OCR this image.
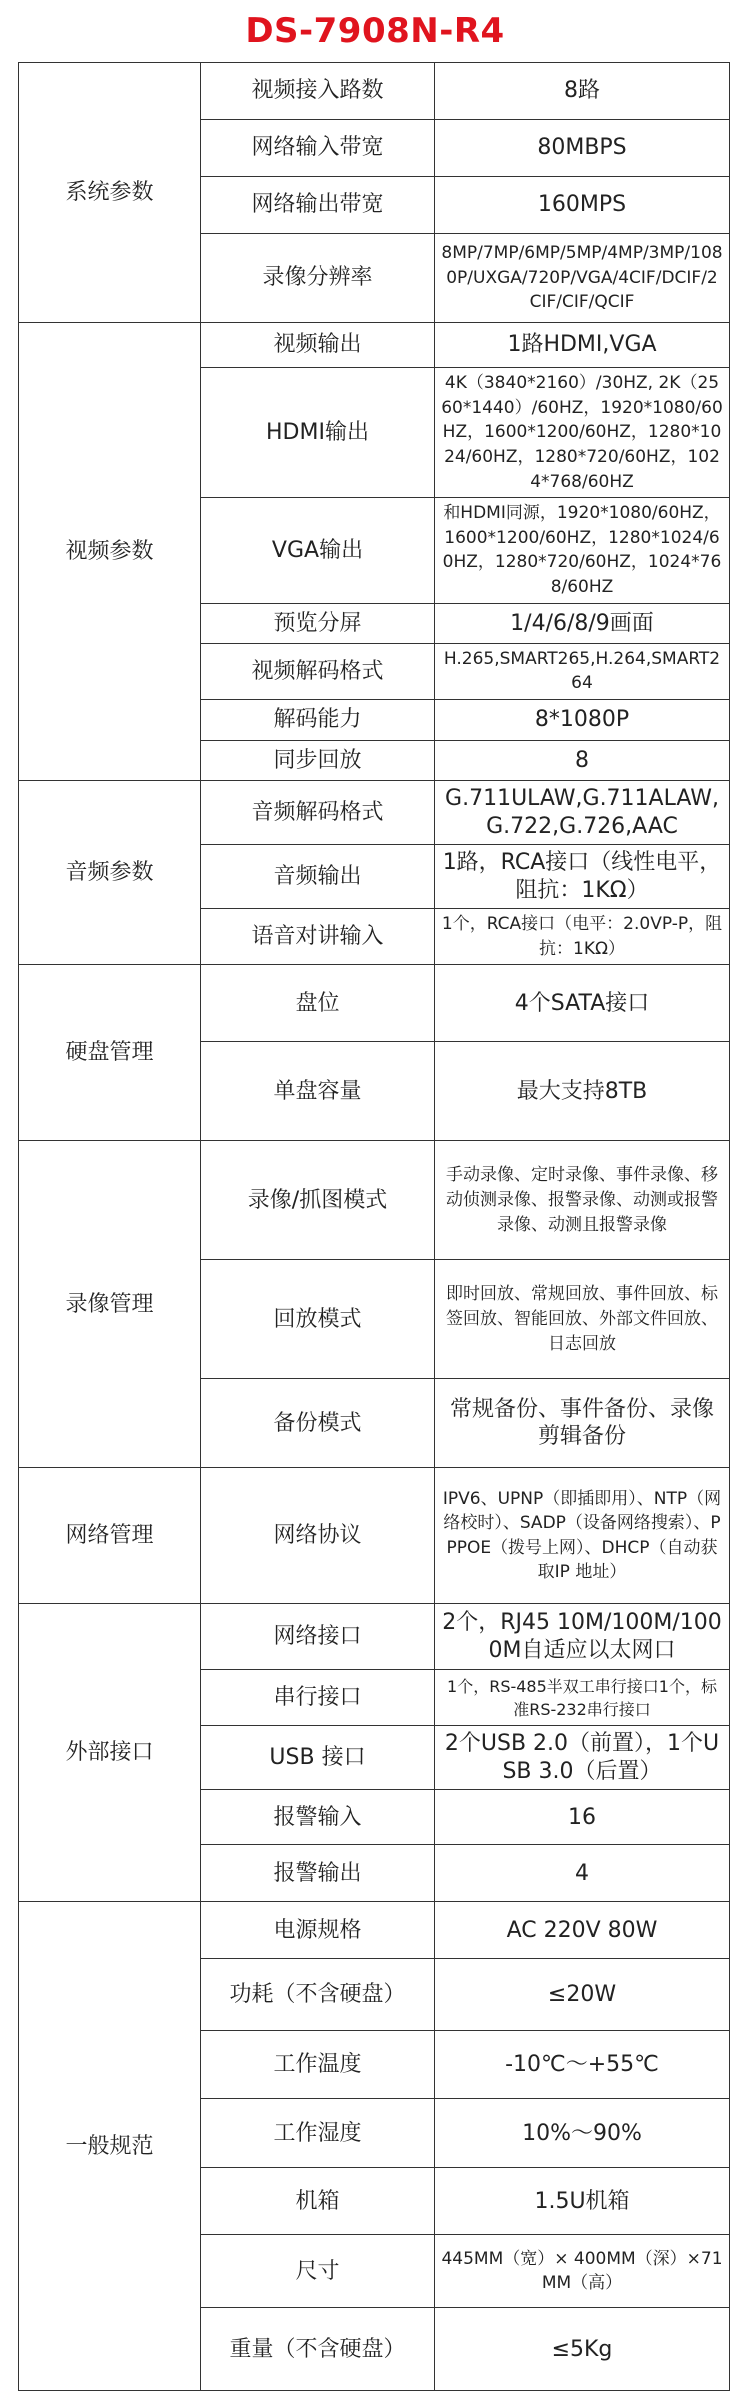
DS-7908N-R4
系统参数	视频接入路数	8路
	网络输入带宽	80MBPS
	网络输出带宽	160MPS
	录像分辨率	8MP/7MP/6MP/5MP/4MP/3MP/1080P/UXGA/720P/VGA/4CIF/DCIF/2CIF/CIF/QCIF
视频参数	视频输出	1路HDMI,VGA
	HDMI输出	4K（3840*2160）/30HZ, 2K（2560*1440）/60HZ，1920*1080/60HZ，1600*1200/60HZ，1280*1024/60HZ，1280*720/60HZ，1024*768/60HZ
	VGA输出	和HDMI同源，1920*1080/60HZ，1600*1200/60HZ，1280*1024/60HZ，1280*720/60HZ，1024*768/60HZ
	预览分屏	1/4/6/8/9画面
	视频解码格式	H.265,SMART265,H.264,SMART264
	解码能力	8*1080P
	同步回放	8
音频参数	音频解码格式	G.711ULAW,G.711ALAW,G.722,G.726,AAC
	音频输出	1路，RCA接口（线性电平，阻抗：1KΩ）
	语音对讲输入	1个，RCA接口（电平：2.0VP-P，阻抗：1KΩ）
硬盘管理	盘位	4个SATA接口
	单盘容量	最大支持8TB
录像管理	录像/抓图模式	手动录像、定时录像、事件录像、移动侦测录像、报警录像、动测或报警录像、动测且报警录像
	回放模式	即时回放、常规回放、事件回放、标签回放、智能回放、外部文件回放、日志回放
	备份模式	常规备份、事件备份、录像剪辑备份
网络管理	网络协议	IPV6、UPNP（即插即用）、NTP（网络校时）、SADP（设备网络搜索）、PPPOE（拨号上网）、DHCP（自动获取IP 地址）
外部接口	网络接口	2个，RJ45 10M/100M/1000M自适应以太网口
	串行接口	1个，RS-485半双工串行接口1个，标准RS-232串行接口
	USB 接口	2个USB 2.0（前置），1个USB 3.0（后置）
	报警输入	16
	报警输出	4
一般规范	电源规格	AC 220V 80W
	功耗（不含硬盘）	≤20W
	工作温度	-10℃～+55℃
	工作湿度	10%～90%
	机箱	1.5U机箱
	尺寸	445MM（宽）× 400MM（深）×71MM（高）
	重量（不含硬盘）	≤5Kg
